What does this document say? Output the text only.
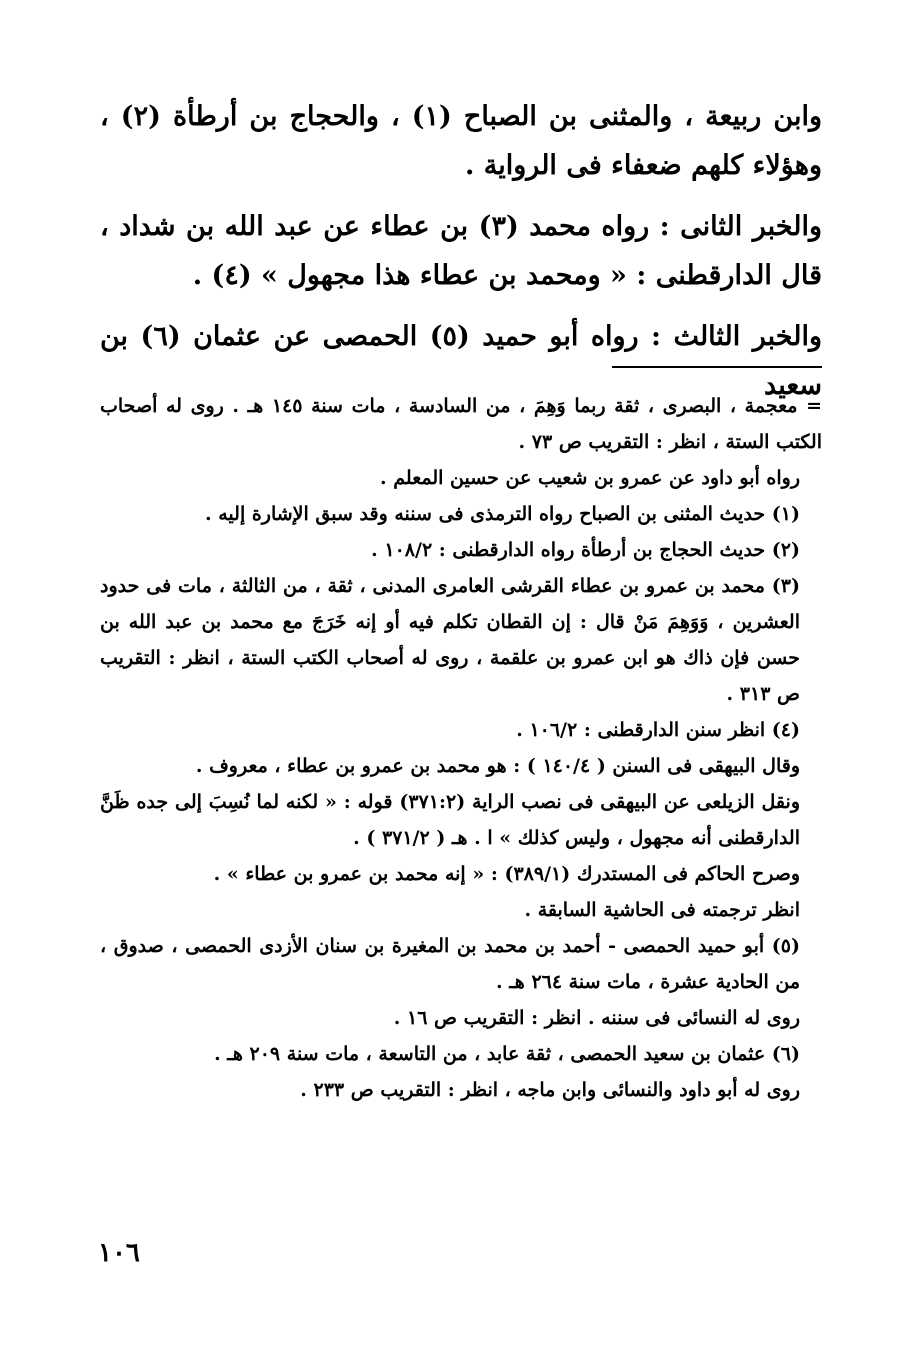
وابن ربيعة ، والمثنى بن الصباح (١) ، والحجاج بن أرطأة (٢) ، وهؤلاء كلهم ضعفاء فى الرواية .

والخبر الثانى : رواه محمد (٣) بن عطاء عن عبد الله بن شداد ، قال الدارقطنى : « ومحمد بن عطاء هذا مجهول » (٤) .

والخبر الثالث : رواه أبو حميد (٥) الحمصى عن عثمان (٦) بن سعيد

= معجمة ، البصرى ، ثقة ربما وَهِمَ ، من السادسة ، مات سنة ١٤٥ هـ . روى له أصحاب الكتب الستة ، انظر : التقريب ص ٧٣ .

رواه أبو داود عن عمرو بن شعيب عن حسين المعلم .

(١) حديث المثنى بن الصباح رواه الترمذى فى سننه وقد سبق الإشارة إليه .

(٢) حديث الحجاج بن أرطأة رواه الدارقطنى : ١٠٨/٢ .

(٣) محمد بن عمرو بن عطاء القرشى العامرى المدنى ، ثقة ، من الثالثة ، مات فى حدود العشرين ، وَوَهِمَ مَنْ قال : إن القطان تكلم فيه أو إنه خَرَجَ مع محمد بن عبد الله بن حسن فإن ذاك هو ابن عمرو بن علقمة ، روى له أصحاب الكتب الستة ، انظر : التقريب ص ٣١٣ .

(٤) انظر سنن الدارقطنى : ١٠٦/٢ .

وقال البيهقى فى السنن ( ١٤٠/٤ ) : هو محمد بن عمرو بن عطاء ، معروف .

ونقل الزيلعى عن البيهقى فى نصب الراية (٣٧١:٢) قوله : « لكنه لما نُسِبَ إلى جده ظَنَّ الدارقطنى أنه مجهول ، وليس كذلك » ا . هـ ( ٣٧١/٢ ) .

وصرح الحاكم فى المستدرك (٣٨٩/١) : « إنه محمد بن عمرو بن عطاء » .

انظر ترجمته فى الحاشية السابقة .

(٥) أبو حميد الحمصى - أحمد بن محمد بن المغيرة بن سنان الأزدى الحمصى ، صدوق ، من الحادية عشرة ، مات سنة ٢٦٤ هـ .

روى له النسائى فى سننه . انظر : التقريب ص ١٦ .

(٦) عثمان بن سعيد الحمصى ، ثقة عابد ، من التاسعة ، مات سنة ٢٠٩ هـ .

روى له أبو داود والنسائى وابن ماجه ، انظر : التقريب ص ٢٣٣ .

١٠٦
